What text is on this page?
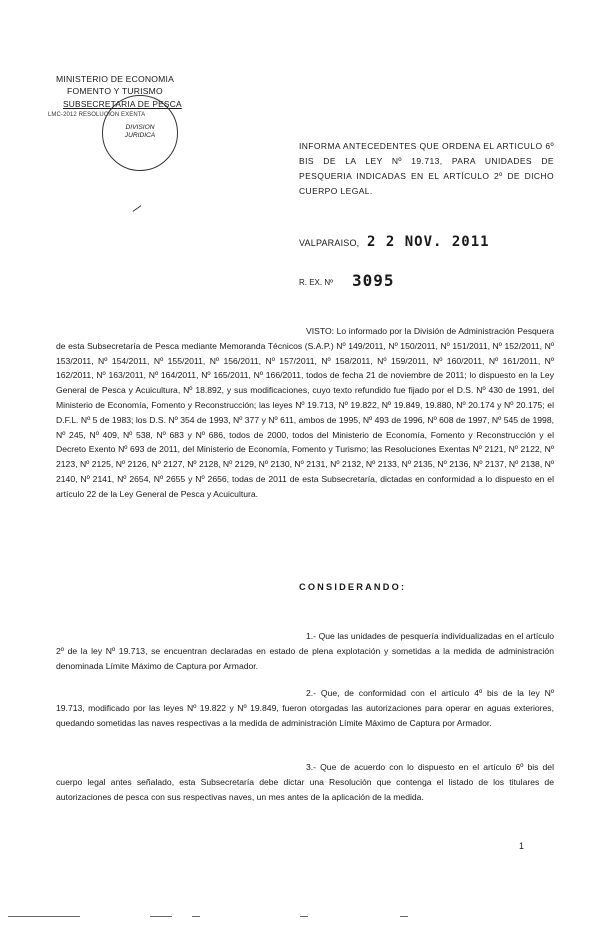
MINISTERIO DE ECONOMIA
FOMENTO Y TURISMO
SUBSECRETARIA DE PESCA
LMC-2012 RESOLUCION EXENTA
DIVISION
JURIDICA
INFORMA ANTECEDENTES QUE ORDENA EL ARTICULO 6º BIS DE LA LEY Nº 19.713, PARA UNIDADES DE PESQUERIA INDICADAS EN EL ARTÍCULO 2º DE DICHO CUERPO LEGAL.
VALPARAISO, 2 2 NOV. 2011
R. EX. Nº 3095
VISTO: Lo informado por la División de Administración Pesquera de esta Subsecretaría de Pesca mediante Memoranda Técnicos (S.A.P.) Nº 149/2011, Nº 150/2011, Nº 151/2011, Nº 152/2011, Nº 153/2011, Nº 154/2011, Nº 155/2011, Nº 156/2011, Nº 157/2011, Nº 158/2011, Nº 159/2011, Nº 160/2011, Nº 161/2011, Nº 162/2011, Nº 163/2011, Nº 164/2011, Nº 165/2011, Nº 166/2011, todos de fecha 21 de noviembre de 2011; lo dispuesto en la Ley General de Pesca y Acuicultura, Nº 18.892, y sus modificaciones, cuyo texto refundido fue fijado por el D.S. Nº 430 de 1991, del Ministerio de Economía, Fomento y Reconstrucción; las leyes Nº 19.713, Nº 19.822, Nº 19.849, 19.880, Nº 20.174 y Nº 20.175; el D.F.L. Nº 5 de 1983; los D.S. Nº 354 de 1993, Nº 377 y Nº 611, ambos de 1995, Nº 493 de 1996, Nº 608 de 1997, Nº 545 de 1998, Nº 245, Nº 409, Nº 538, Nº 683 y Nº 686, todos de 2000, todos del Ministerio de Economía, Fomento y Reconstrucción y el Decreto Exento Nº 693 de 2011, del Ministerio de Economía, Fomento y Turismo; las Resoluciones Exentas Nº 2121, Nº 2122, Nº 2123, Nº 2125, Nº 2126, Nº 2127, Nº 2128, Nº 2129, Nº 2130, Nº 2131, Nº 2132, Nº 2133, Nº 2135, Nº 2136, Nº 2137, Nº 2138, Nº 2140, Nº 2141, Nº 2654, Nº 2655 y Nº 2656, todas de 2011 de esta Subsecretaría, dictadas en conformidad a lo dispuesto en el artículo 22 de la Ley General de Pesca y Acuicultura.
CONSIDERANDO:
1.- Que las unidades de pesquería individualizadas en el artículo 2º de la ley Nº 19.713, se encuentran declaradas en estado de plena explotación y sometidas a la medida de administración denominada Límite Máximo de Captura por Armador.
2.- Que, de conformidad con el artículo 4º bis de la ley Nº 19.713, modificado por las leyes Nº 19.822 y Nº 19.849, fueron otorgadas las autorizaciones para operar en aguas exteriores, quedando sometidas las naves respectivas a la medida de administración Límite Máximo de Captura por Armador.
3.- Que de acuerdo con lo dispuesto en el artículo 6º bis del cuerpo legal antes señalado, esta Subsecretaría debe dictar una Resolución que contenga el listado de los titulares de autorizaciones de pesca con sus respectivas naves, un mes antes de la aplicación de la medida.
1
